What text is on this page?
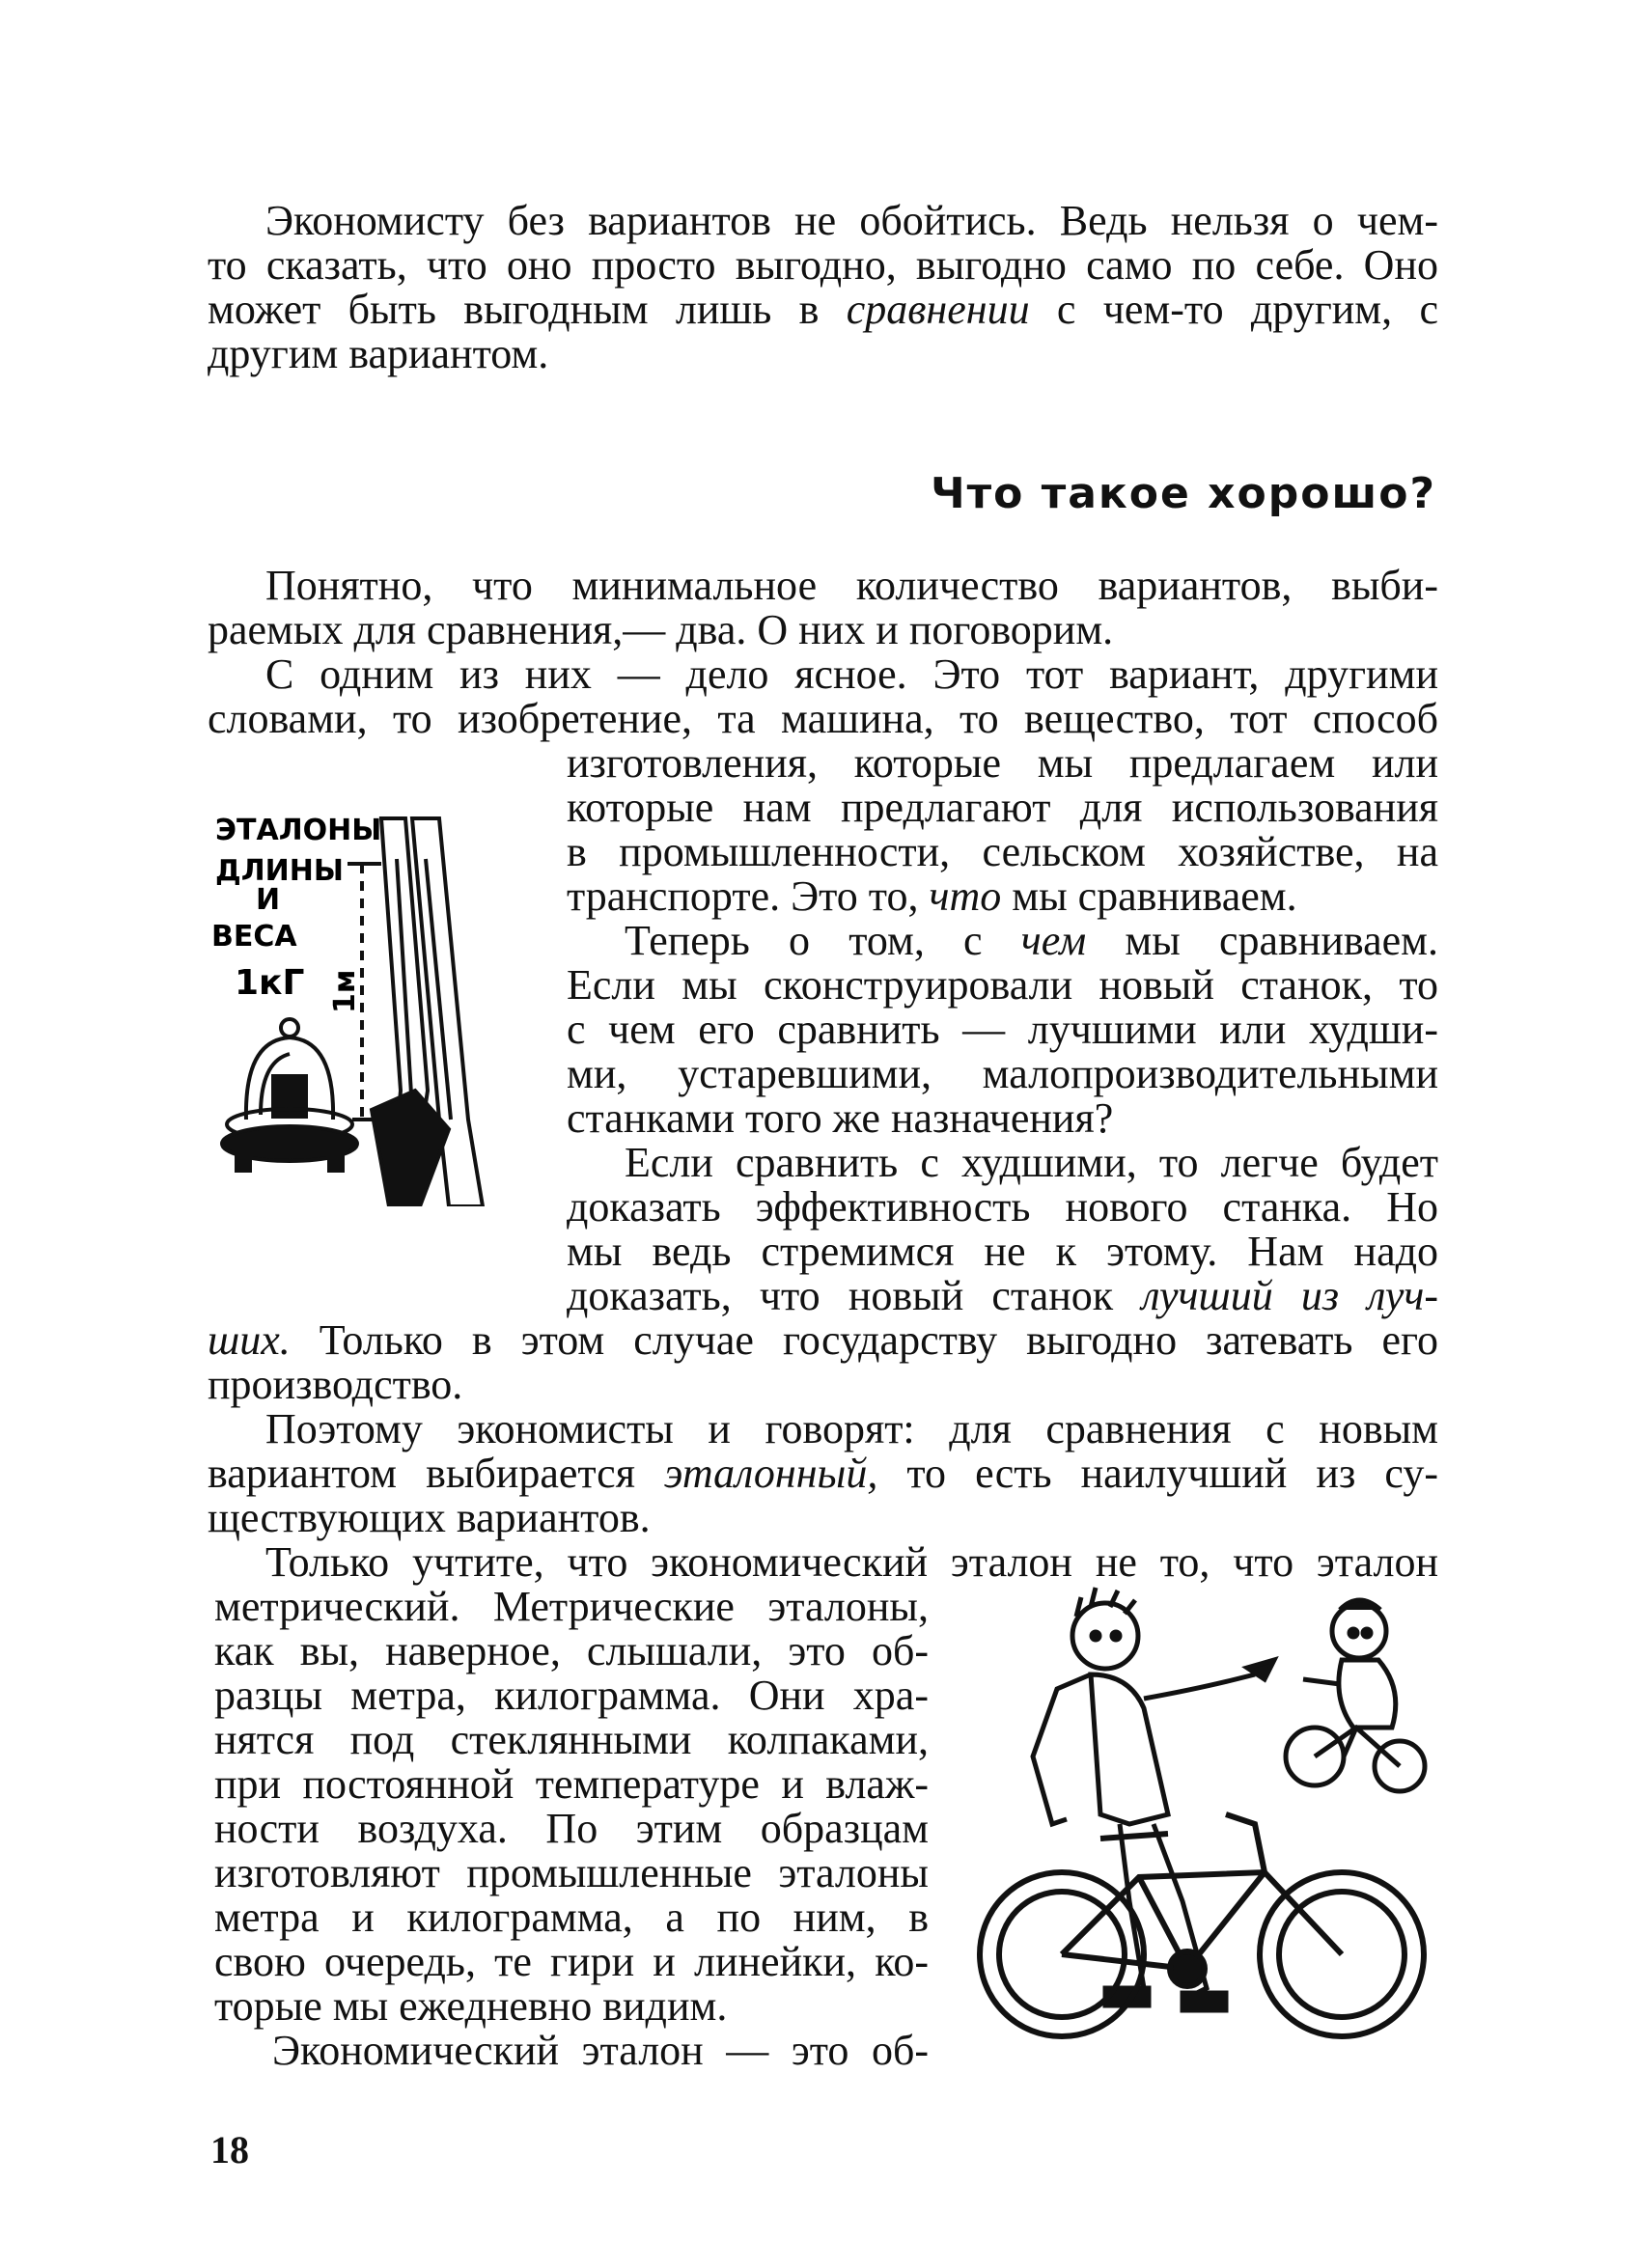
Экономисту без вариантов не обойтись. Ведь нельзя о чем-

то сказать, что оно просто выгодно, выгодно само по себе. Оно

может быть выгодным лишь в сравнении с чем-то другим, с

другим вариантом.

Что такое хорошо?

Понятно, что минимальное количество вариантов, выби-

раемых для сравнения,— два. О них и поговорим.

С одним из них — дело ясное. Это тот вариант, другими

словами, то изобретение, та машина, то вещество, тот способ

изготовления, которые мы предлагаем или

которые нам предлагают для использования

в промышленности, сельском хозяйстве, на

транспорте. Это то, что мы сравниваем.

Теперь о том, с чем мы сравниваем.

Если мы сконструировали новый станок, то

с чем его сравнить — лучшими или худши-

ми, устаревшими, малопроизводительными

станками того же назначения?

Если сравнить с худшими, то легче будет

доказать эффективность нового станка. Но

мы ведь стремимся не к этому. Нам надо

доказать, что новый станок лучший из луч-

ших. Только в этом случае государству выгодно затевать его

производство.

Поэтому экономисты и говорят: для сравнения с новым

вариантом выбирается эталонный, то есть наилучший из су-

ществующих вариантов.

Только учтите, что экономический эталон не то, что эталон

метрический. Метрические эталоны,

как вы, наверное, слышали, это об-

разцы метра, килограмма. Они хра-

нятся под стеклянными колпаками,

при постоянной температуре и влаж-

ности воздуха. По этим образцам

изготовляют промышленные эталоны

метра и килограмма, а по ним, в

свою очередь, те гири и линейки, ко-

торые мы ежедневно видим.

Экономический эталон — это об-

ЭТАЛОНЫ
ДЛИНЫ
И
ВЕСА
1кГ 1м
18
